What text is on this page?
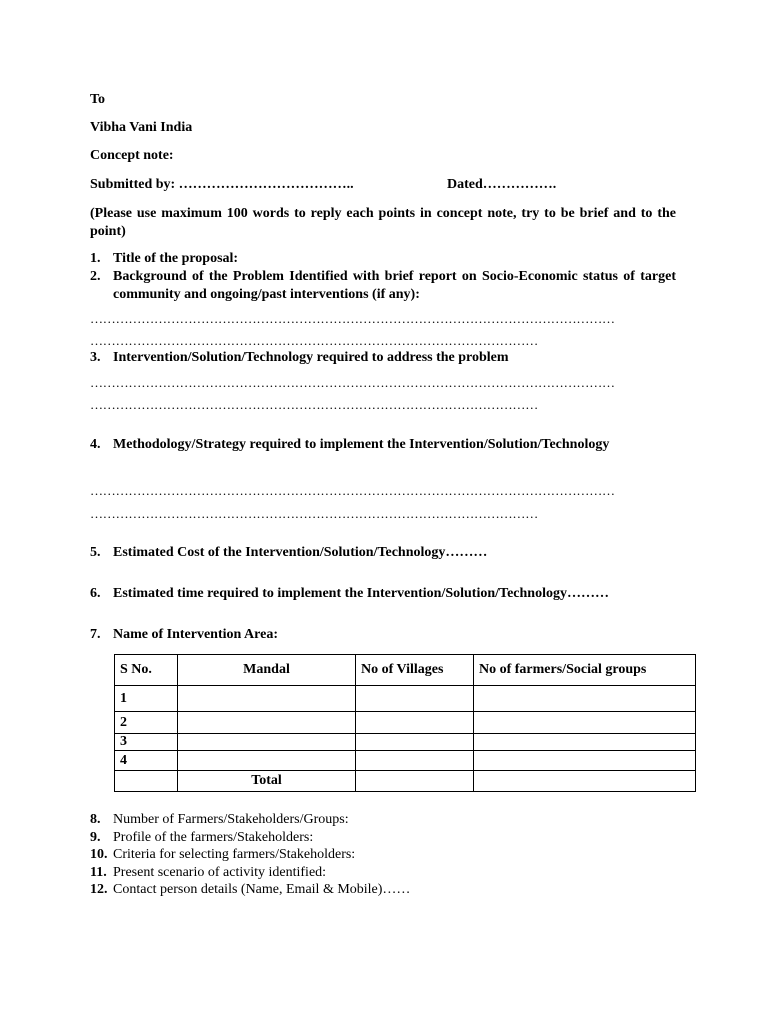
To
Vibha Vani India
Concept note:
Submitted by: ………………………………..	Dated…………….
(Please use maximum 100 words to reply each points in concept note, try to be brief and to the point)
1. Title of the proposal:
2. Background of the Problem Identified with brief report on Socio-Economic status of target community and ongoing/past interventions (if any):
……………………………………………………………………………………………………………
……………………………………………………………………………………………
3. Intervention/Solution/Technology required to address the problem
……………………………………………………………………………………………………………
……………………………………………………………………………………………
4. Methodology/Strategy required to implement the Intervention/Solution/Technology
……………………………………………………………………………………………………………
……………………………………………………………………………………………
5. Estimated Cost of the Intervention/Solution/Technology………
6. Estimated time required to implement the Intervention/Solution/Technology………
7. Name of Intervention Area:
S No.	Mandal	No of Villages	No of farmers/Social groups
1			
2			
3			
4			
	Total		
8. Number of Farmers/Stakeholders/Groups:
9. Profile of the farmers/Stakeholders:
10. Criteria for selecting farmers/Stakeholders:
11. Present scenario of activity identified:
12. Contact person details (Name, Email & Mobile)……
